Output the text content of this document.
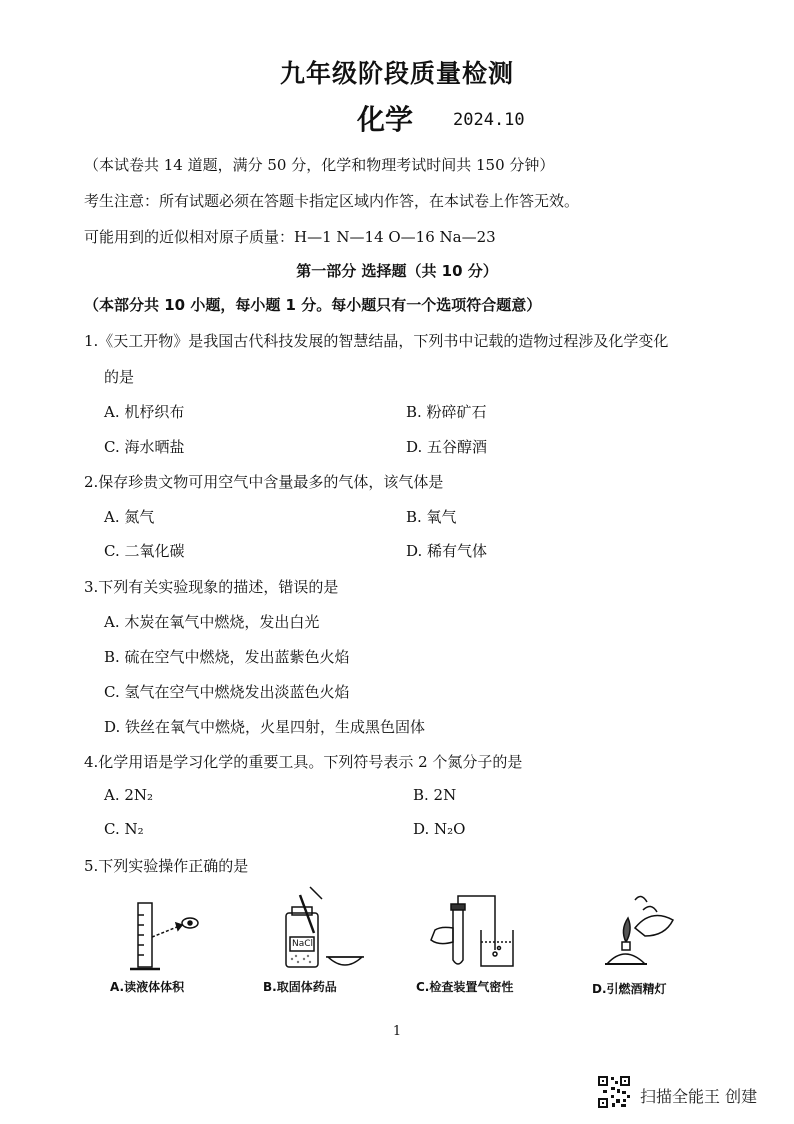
九年级阶段质量检测
化学 2024.10
（本试卷共 14 道题，满分 50 分，化学和物理考试时间共 150 分钟）
考生注意：所有试题必须在答题卡指定区域内作答，在本试卷上作答无效。
可能用到的近似相对原子质量：H—1 N—14 O—16 Na—23
第一部分 选择题（共 10 分）
（本部分共 10 小题，每小题 1 分。每小题只有一个选项符合题意）
1.《天工开物》是我国古代科技发展的智慧结晶，下列书中记载的造物过程涉及化学变化
的是
A. 机杼织布	B. 粉碎矿石
C. 海水晒盐	D. 五谷醇酒
2.保存珍贵文物可用空气中含量最多的气体，该气体是
A. 氮气	B. 氧气
C. 二氧化碳	D. 稀有气体
3.下列有关实验现象的描述，错误的是
A. 木炭在氧气中燃烧，发出白光
B. 硫在空气中燃烧，发出蓝紫色火焰
C. 氢气在空气中燃烧发出淡蓝色火焰
D. 铁丝在氧气中燃烧，火星四射，生成黑色固体
4.化学用语是学习化学的重要工具。下列符号表示 2 个氮分子的是
A. 2N₂	B. 2N
C. N₂	D. N₂O
5.下列实验操作正确的是
A.读液体体积
NaCl
B.取固体药品	C.检查装置气密性	D.引燃酒精灯
1
扫描全能王 创建
